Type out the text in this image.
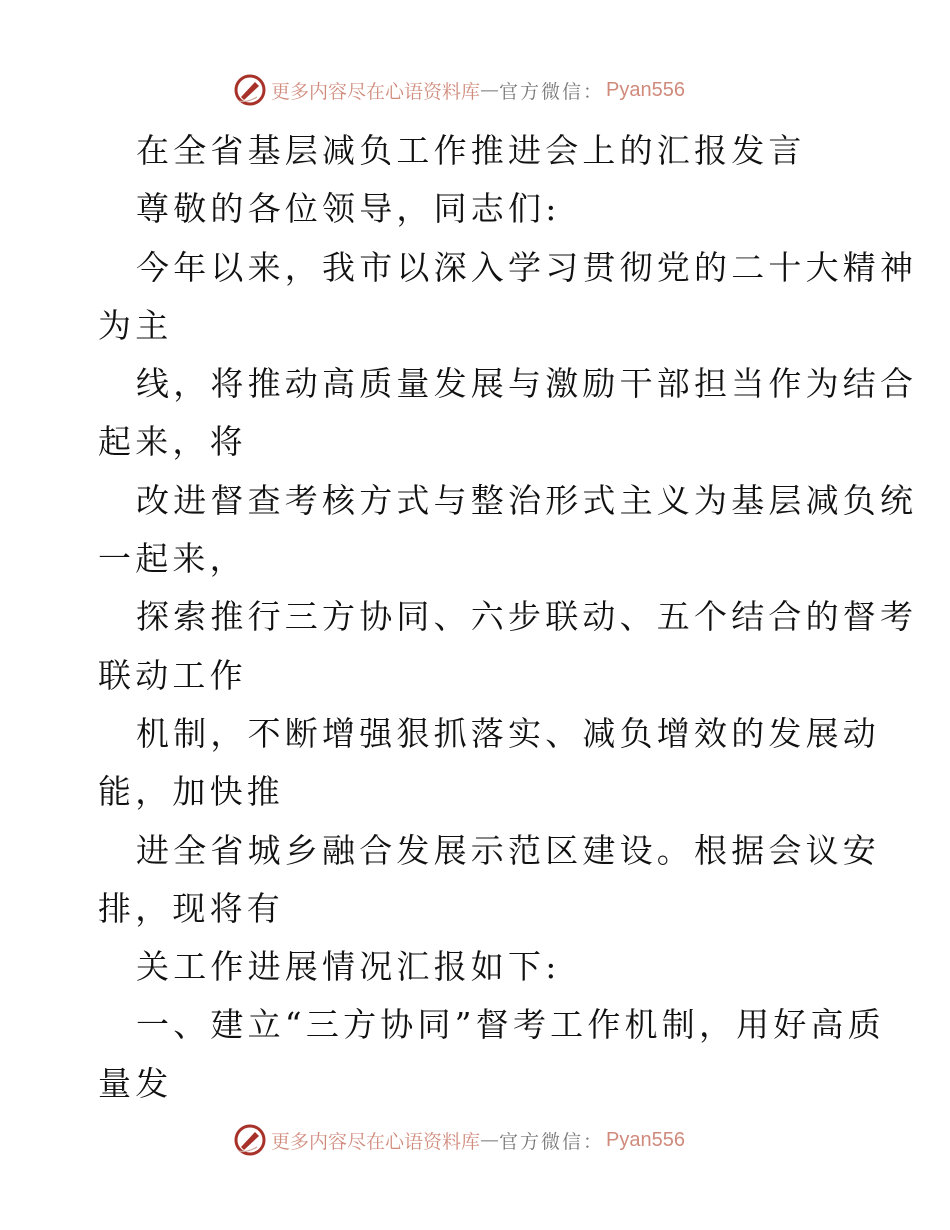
更多内容尽在心语资料库 — 官方微信： Pyan556
在全省基层减负工作推进会上的汇报发言
尊敬的各位领导，同志们:
今年以来，我市以深入学习贯彻党的二十大精神
为主
线，将推动高质量发展与激励干部担当作为结合
起来，将
改进督查考核方式与整治形式主义为基层减负统
一起来，
探索推行三方协同、六步联动、五个结合的督考
联动工作
机制，不断增强狠抓落实、减负增效的发展动
能，加快推
进全省城乡融合发展示范区建设。根据会议安
排，现将有
关工作进展情况汇报如下:
一、建立“三方协同”督考工作机制，用好高质
量发
更多内容尽在心语资料库 — 官方微信： Pyan556
